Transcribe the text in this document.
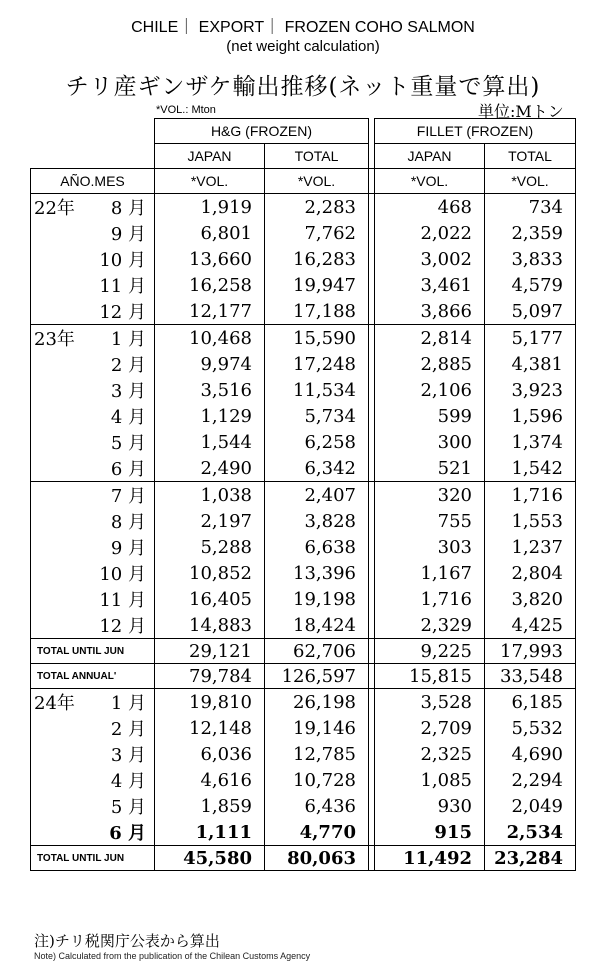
CHILE｜ EXPORT｜ FROZEN COHO SALMON
(net weight calculation)
チリ産ギンザケ輸出推移(ネット重量で算出)
*VOL.: Mton	単位:Mトン
		H&G (FROZEN)			FILLET (FROZEN)	
		JAPAN	TOTAL		JAPAN	TOTAL
AÑO.MES		*VOL.	*VOL.		*VOL.	*VOL.
22年	8 月	1,919	2,283		468	734
	9 月	6,801	7,762		2,022	2,359
	10 月	13,660	16,283		3,002	3,833
	11 月	16,258	19,947		3,461	4,579
	12 月	12,177	17,188		3,866	5,097
23年	1 月	10,468	15,590		2,814	5,177
	2 月	9,974	17,248		2,885	4,381
	3 月	3,516	11,534		2,106	3,923
	4 月	1,129	5,734		599	1,596
	5 月	1,544	6,258		300	1,374
	6 月	2,490	6,342		521	1,542
	7 月	1,038	2,407		320	1,716
	8 月	2,197	3,828		755	1,553
	9 月	5,288	6,638		303	1,237
	10 月	10,852	13,396		1,167	2,804
	11 月	16,405	19,198		1,716	3,820
	12 月	14,883	18,424		2,329	4,425
TOTAL UNTIL JUN		29,121	62,706		9,225	17,993
TOTAL ANNUAL'		79,784	126,597		15,815	33,548
24年	1 月	19,810	26,198		3,528	6,185
	2 月	12,148	19,146		2,709	5,532
	3 月	6,036	12,785		2,325	4,690
	4 月	4,616	10,728		1,085	2,294
	5 月	1,859	6,436		930	2,049
	6 月	1,111	4,770		915	2,534
TOTAL UNTIL JUN		45,580	80,063		11,492	23,284
注)チリ税関庁公表から算出
Note) Calculated from the publication of the Chilean Customs Agency
